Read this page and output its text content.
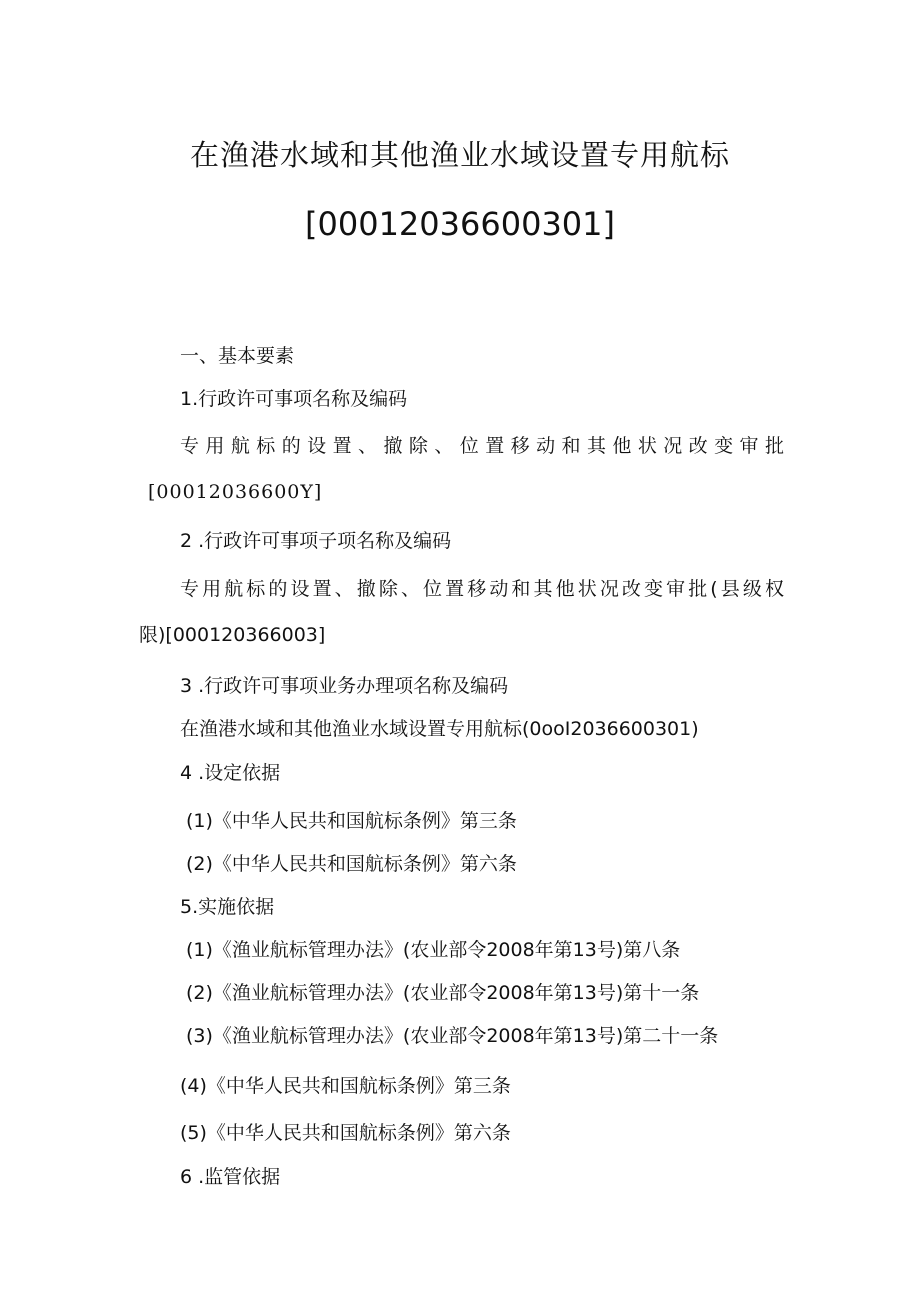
在渔港水域和其他渔业水域设置专用航标
[00012036600301]

一、基本要素

1.行政许可事项名称及编码

专用航标的设置、撤除、位置移动和其他状况改变审批

[00012036600Y]

2 .行政许可事项子项名称及编码

专用航标的设置、撤除、位置移动和其他状况改变审批(县级权

限)[000120366003]

3 .行政许可事项业务办理项名称及编码

在渔港水域和其他渔业水域设置专用航标(0ooI2036600301)

4 .设定依据

(1)《中华人民共和国航标条例》第三条

(2)《中华人民共和国航标条例》第六条

5.实施依据

(1)《渔业航标管理办法》(农业部令2008年第13号)第八条

(2)《渔业航标管理办法》(农业部令2008年第13号)第十一条

(3)《渔业航标管理办法》(农业部令2008年第13号)第二十一条

(4)《中华人民共和国航标条例》第三条

(5)《中华人民共和国航标条例》第六条

6 .监管依据
